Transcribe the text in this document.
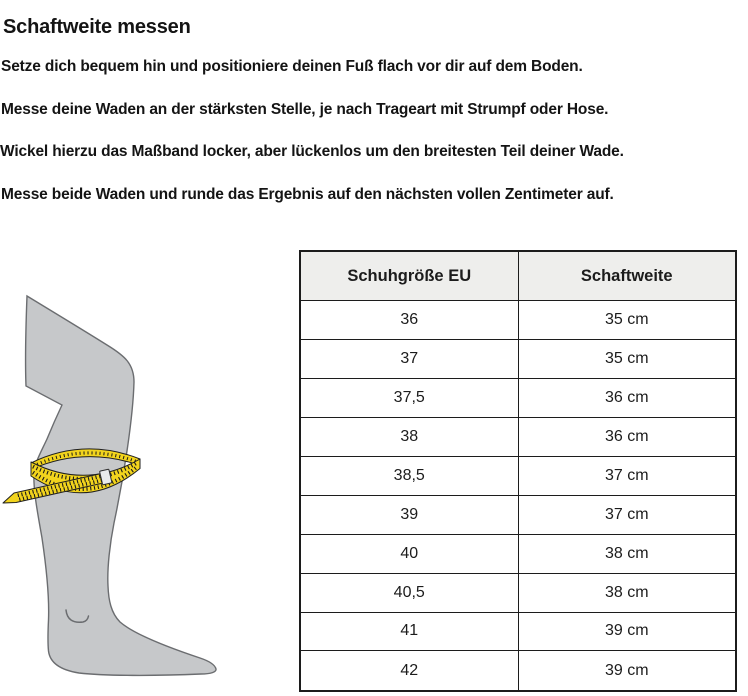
Schaftweite messen

Setze dich bequem hin und positioniere deinen Fuß flach vor dir auf dem Boden.

Messe deine Waden an der stärksten Stelle, je nach Trageart mit Strumpf oder Hose.

Wickel hierzu das Maßband locker, aber lückenlos um den breitesten Teil deiner Wade.

Messe beide Waden und runde das Ergebnis auf den nächsten vollen Zentimeter auf.

Schuhgröße EU	Schaftweite
36	35 cm
37	35 cm
37,5	36 cm
38	36 cm
38,5	37 cm
39	37 cm
40	38 cm
40,5	38 cm
41	39 cm
42	39 cm
